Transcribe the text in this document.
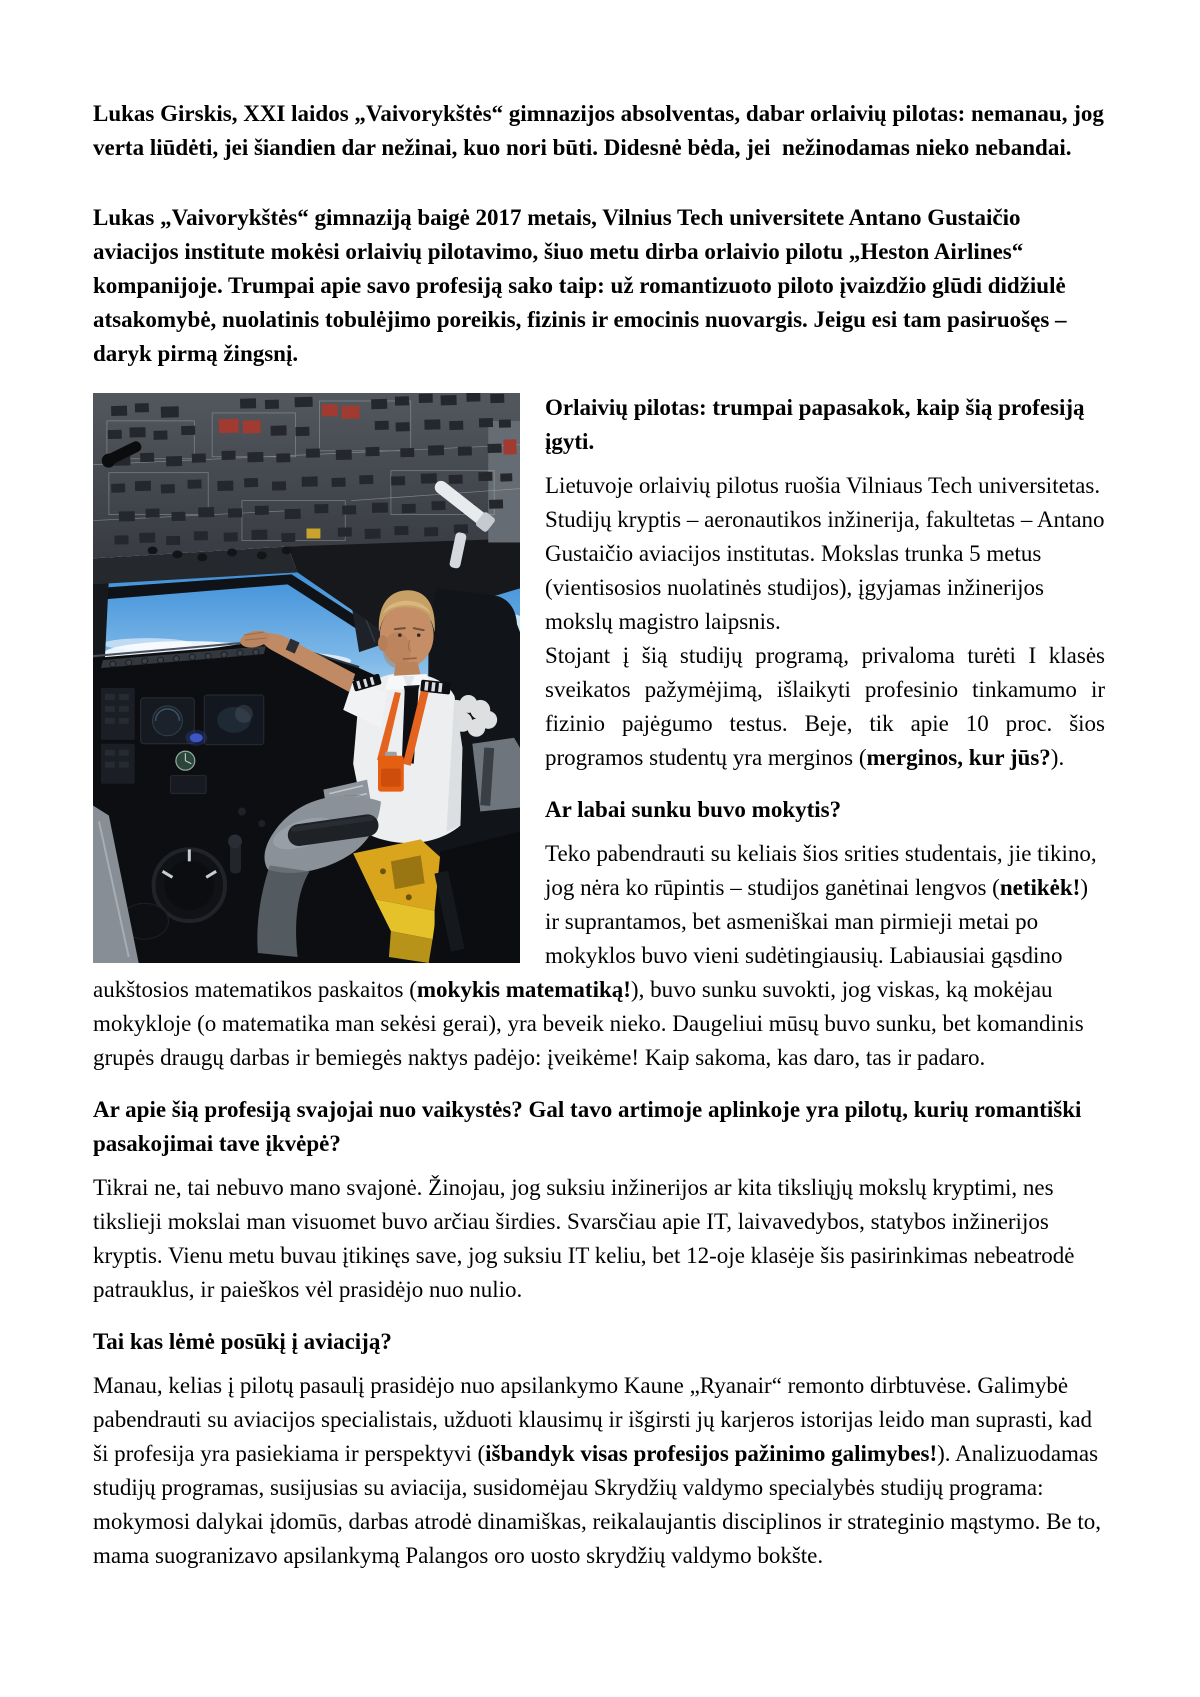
Lukas Girskis, XXI laidos „Vaivorykštės“ gimnazijos absolventas, dabar orlaivių pilotas: nemanau, jog verta liūdėti, jei šiandien dar nežinai, kuo nori būti. Didesnė bėda, jei  nežinodamas nieko nebandai.

Lukas „Vaivorykštės“ gimnaziją baigė 2017 metais, Vilnius Tech universitete Antano Gustaičio aviacijos institute mokėsi orlaivių pilotavimo, šiuo metu dirba orlaivio pilotu „Heston Airlines“ kompanijoje. Trumpai apie savo profesiją sako taip: už romantizuoto piloto įvaizdžio glūdi didžiulė atsakomybė, nuolatinis tobulėjimo poreikis, fizinis ir emocinis nuovargis. Jeigu esi tam pasiruošęs – daryk pirmą žingsnį.

Orlaivių pilotas: trumpai papasakok, kaip šią profesiją įgyti.

Lietuvoje orlaivių pilotus ruošia Vilniaus Tech universitetas. Studijų kryptis – aeronautikos inžinerija, fakultetas – Antano Gustaičio aviacijos institutas. Mokslas trunka 5 metus (vientisosios nuolatinės studijos), įgyjamas inžinerijos mokslų magistro laipsnis.

Stojant į šią studijų programą, privaloma turėti I klasės sveikatos pažymėjimą, išlaikyti profesinio tinkamumo ir fizinio pajėgumo testus. Beje, tik apie 10 proc. šios programos studentų yra merginos (merginos, kur jūs?).

Ar labai sunku buvo mokytis?

Teko pabendrauti su keliais šios srities studentais, jie tikino, jog nėra ko rūpintis – studijos ganėtinai lengvos (netikėk!) ir suprantamos, bet asmeniškai man pirmieji metai po mokyklos buvo vieni sudėtingiausių. Labiausiai gąsdino aukštosios matematikos paskaitos (mokykis matematiką!), buvo sunku suvokti, jog viskas, ką mokėjau mokykloje (o matematika man sekėsi gerai), yra beveik nieko. Daugeliui mūsų buvo sunku, bet komandinis grupės draugų darbas ir bemiegės naktys padėjo: įveikėme! Kaip sakoma, kas daro, tas ir padaro.

Ar apie šią profesiją svajojai nuo vaikystės? Gal tavo artimoje aplinkoje yra pilotų, kurių romantiški pasakojimai tave įkvėpė?

Tikrai ne, tai nebuvo mano svajonė. Žinojau, jog suksiu inžinerijos ar kita tiksliųjų mokslų kryptimi, nes tikslieji mokslai man visuomet buvo arčiau širdies. Svarsčiau apie IT, laivavedybos, statybos inžinerijos kryptis. Vienu metu buvau įtikinęs save, jog suksiu IT keliu, bet 12-oje klasėje šis pasirinkimas nebeatrodė patrauklus, ir paieškos vėl prasidėjo nuo nulio.

Tai kas lėmė posūkį į aviaciją?

Manau, kelias į pilotų pasaulį prasidėjo nuo apsilankymo Kaune „Ryanair“ remonto dirbtuvėse. Galimybė pabendrauti su aviacijos specialistais, užduoti klausimų ir išgirsti jų karjeros istorijas leido man suprasti, kad ši profesija yra pasiekiama ir perspektyvi (išbandyk visas profesijos pažinimo galimybes!). Analizuodamas studijų programas, susijusias su aviacija, susidomėjau Skrydžių valdymo specialybės studijų programa: mokymosi dalykai įdomūs, darbas atrodė dinamiškas, reikalaujantis disciplinos ir strateginio mąstymo. Be to, mama suogranizavo apsilankymą Palangos oro uosto skrydžių valdymo bokšte.
